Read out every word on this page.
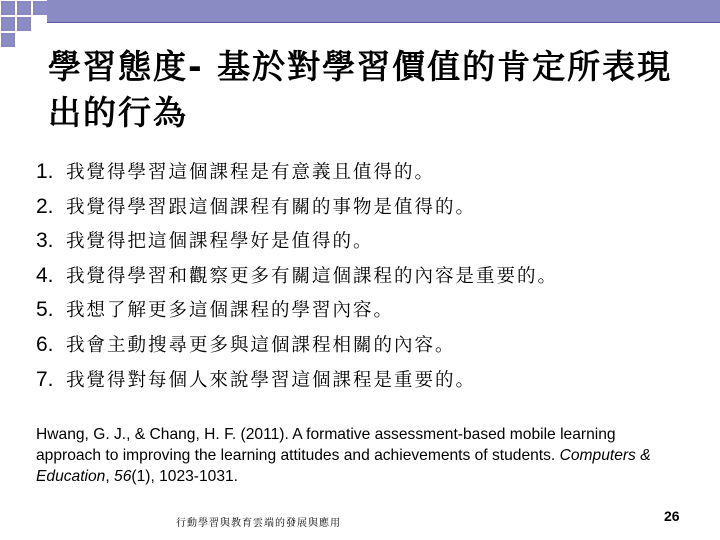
學習態度- 基於對學習價值的肯定所表現出的行為
1. 我覺得學習這個課程是有意義且值得的。
2. 我覺得學習跟這個課程有關的事物是值得的。
3. 我覺得把這個課程學好是值得的。
4. 我覺得學習和觀察更多有關這個課程的內容是重要的。
5. 我想了解更多這個課程的學習內容。
6. 我會主動搜尋更多與這個課程相關的內容。
7. 我覺得對每個人來說學習這個課程是重要的。
Hwang, G. J., & Chang, H. F. (2011). A formative assessment-based mobile learning approach to improving the learning attitudes and achievements of students. Computers & Education, 56(1), 1023-1031.
行動學習與教育雲端的發展與應用	26
